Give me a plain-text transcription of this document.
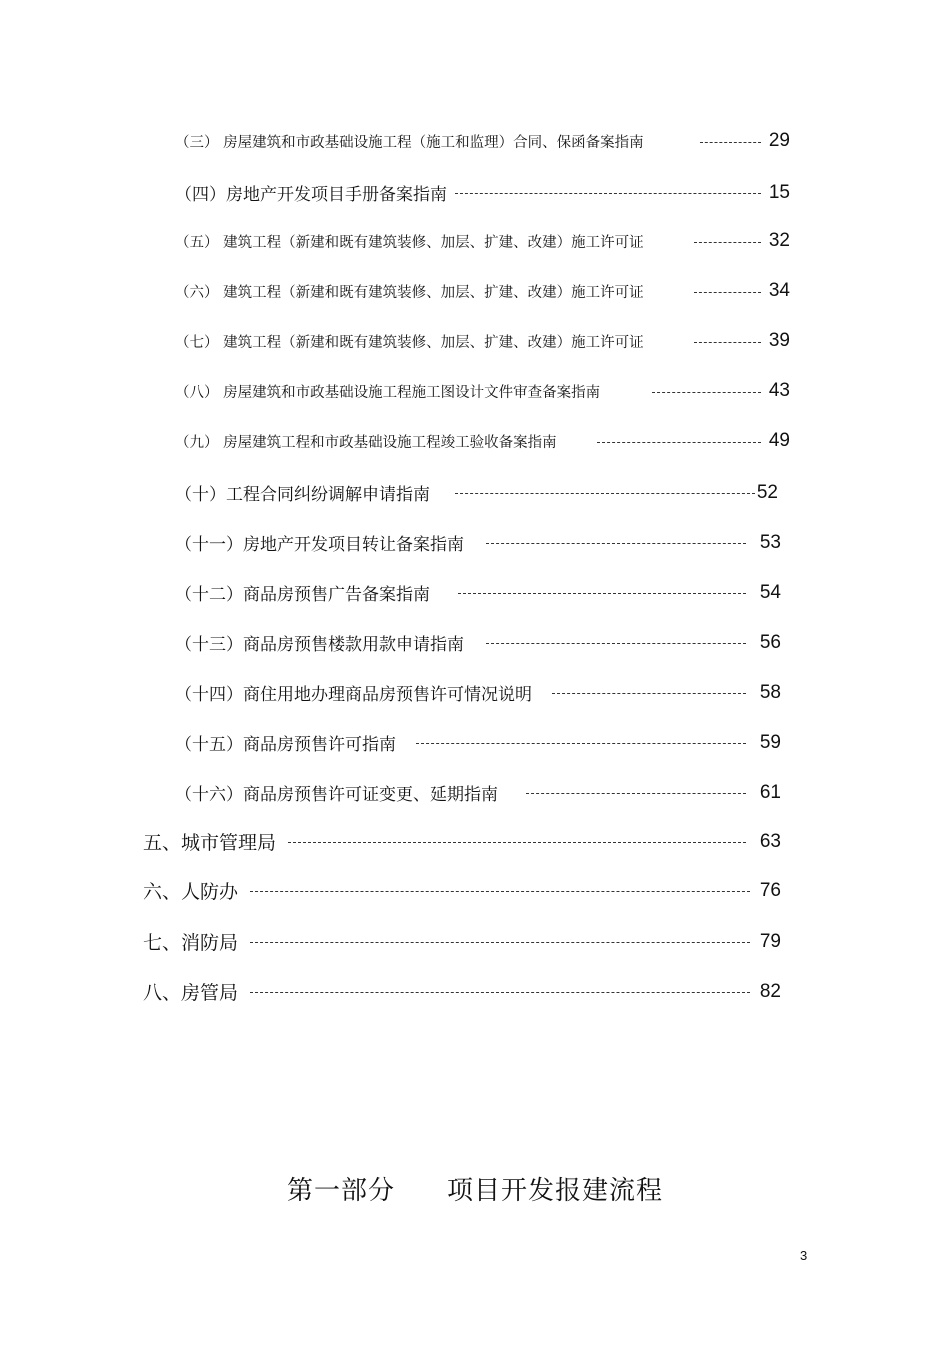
（三） 房屋建筑和市政基础设施工程（施工和监理）合同、保函备案指南	29
（四）房地产开发项目手册备案指南	15
（五） 建筑工程（新建和既有建筑装修、加层、扩建、改建）施工许可证	32
（六） 建筑工程（新建和既有建筑装修、加层、扩建、改建）施工许可证	34
（七） 建筑工程（新建和既有建筑装修、加层、扩建、改建）施工许可证	39
（八） 房屋建筑和市政基础设施工程施工图设计文件审查备案指南	43
（九） 房屋建筑工程和市政基础设施工程竣工验收备案指南	49
（十）工程合同纠纷调解申请指南	52
（十一）房地产开发项目转让备案指南	53
（十二）商品房预售广告备案指南	54
（十三）商品房预售楼款用款申请指南	56
（十四）商住用地办理商品房预售许可情况说明	58
（十五）商品房预售许可指南	59
（十六）商品房预售许可证变更、延期指南	61
五、城市管理局	63
六、人防办	76
七、消防局	79
八、房管局	82
第一部分 项目开发报建流程
3
